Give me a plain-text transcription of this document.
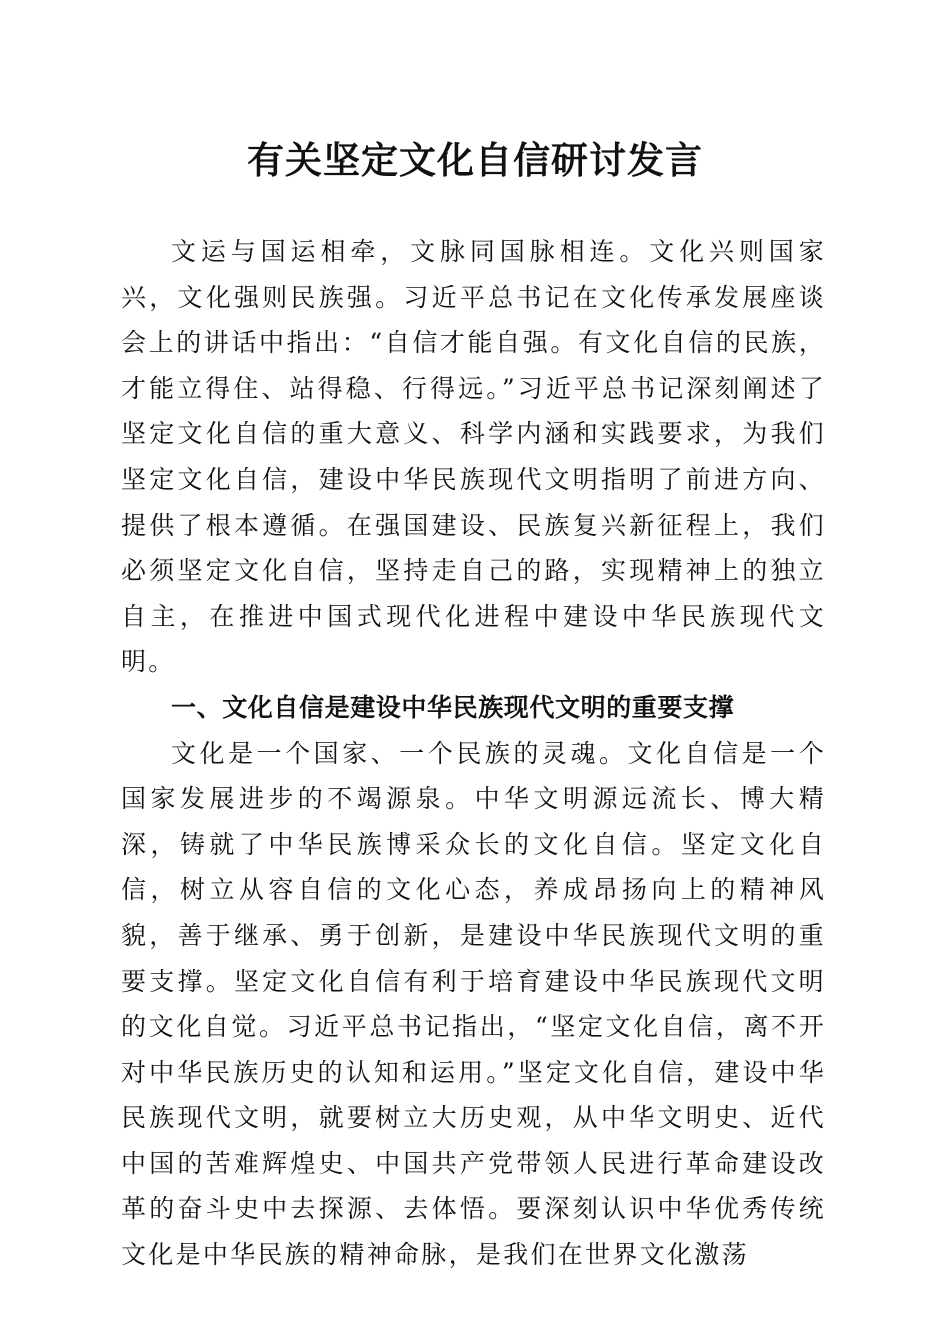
有关坚定文化自信研讨发言

文运与国运相牵，文脉同国脉相连。文化兴则国家兴，文化强则民族强。习近平总书记在文化传承发展座谈会上的讲话中指出：“自信才能自强。有文化自信的民族，才能立得住、站得稳、行得远。”习近平总书记深刻阐述了坚定文化自信的重大意义、科学内涵和实践要求，为我们坚定文化自信，建设中华民族现代文明指明了前进方向、提供了根本遵循。在强国建设、民族复兴新征程上，我们必须坚定文化自信，坚持走自己的路，实现精神上的独立自主，在推进中国式现代化进程中建设中华民族现代文明。

一、文化自信是建设中华民族现代文明的重要支撑

文化是一个国家、一个民族的灵魂。文化自信是一个国家发展进步的不竭源泉。中华文明源远流长、博大精深，铸就了中华民族博采众长的文化自信。坚定文化自信，树立从容自信的文化心态，养成昂扬向上的精神风貌，善于继承、勇于创新，是建设中华民族现代文明的重要支撑。坚定文化自信有利于培育建设中华民族现代文明的文化自觉。习近平总书记指出，“坚定文化自信，离不开对中华民族历史的认知和运用。”坚定文化自信，建设中华民族现代文明，就要树立大历史观，从中华文明史、近代中国的苦难辉煌史、中国共产党带领人民进行革命建设改革的奋斗史中去探源、去体悟。要深刻认识中华优秀传统文化是中华民族的精神命脉，是我们在世界文化激荡
